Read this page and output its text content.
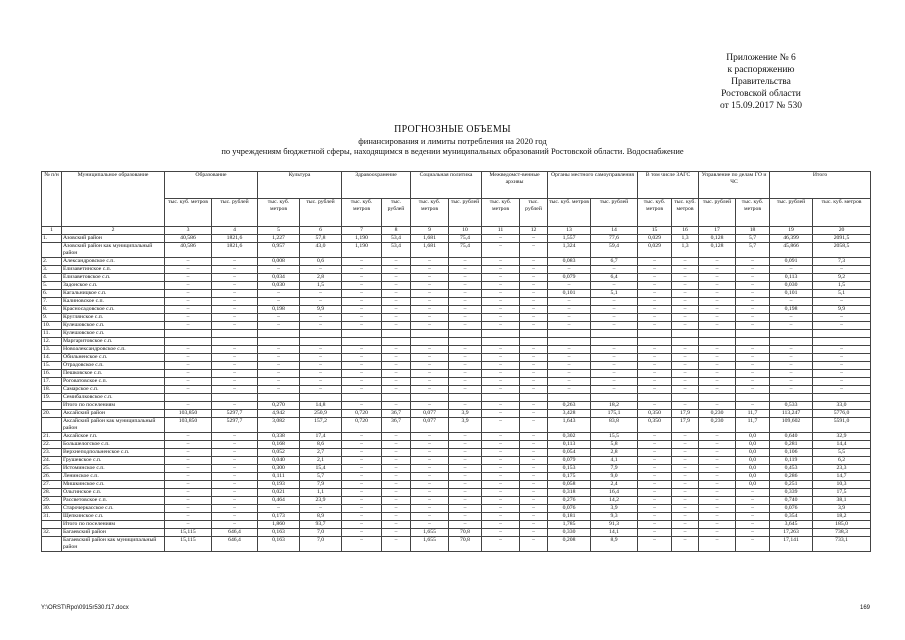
Приложение № 6
к распоряжению
Правительства
Ростовской области
от 15.09.2017 № 530
ПРОГНОЗНЫЕ ОБЪЕМЫ
финансирования и лимиты потребления на 2020 год
по учреждениям бюджетной сферы, находящимся в ведении муниципальных образований Ростовской области. Водоснабжение
№ п/н	Муниципальное образование	Образование		Культура		Здравоохранение		Социальная политика		Межведомст-венные архивы		Органы местного самоуправления		В том числе ЗАГС		Управление по делам ГО и ЧС		Итого		
		тыс. куб. метров	тыс. рублей	тыс. куб. метров	тыс. рублей	тыс. куб. метров	тыс. рублей	тыс. куб. метров	тыс. рублей	тыс. куб. метров	тыс. рублей	тыс. куб. метров	тыс. рублей	тыс. куб. метров	тыс. куб. метров	тыс. рублей	тыс. куб. метров	тыс. рублей	тыс. куб. метров	
1	2	3	4	5	6	7	8	9	10	11	12	13	14	15	16	17	18	19	20	
1.	Азовский район	40,586	1821,6	1,227	57,8	1,190	53,4	1,681	75,4	–	–	1,557	77,6	0,029	1,3	0,128	5,7	46,399	2091,5	
	Азовский район как муниципальный район	40,586	1821,6	0,957	43,0	1,190	53,4	1,681	75,4	–	–	1,324	59,4	0,029	1,3	0,128	5,7	45,866	2058,5	
2.	Александровское с.п.	–	–	0,008	0,6	–	–	–	–	–	–	0,083	6,7	–	–	–	–	0,091	7,3	
3.	Елизаветинское с.п.	–	–	–	–	–	–	–	–	–	–	–	–	–	–	–	–	–	–	
4.	Елизаветовское с.п.	–	–	0,034	2,8	–	–	–	–	–	–	0,079	6,4	–	–	–	–	0,113	9,2	
5.	Задонское с.п.	–	–	0,030	1,5	–	–	–	–	–	–	–	–	–	–	–	–	0,030	1,5	
6.	Кагальницкое с.п.	–	–	–	–	–	–	–	–	–	–	0,101	5,1	–	–	–	–	0,101	5,1	
7.	Калиновское с.п.	–	–	–	–	–	–	–	–	–	–	–	–	–	–	–	–	–	–	
8.	Красносадовское с.п.	–	–	0,198	9,9	–	–	–	–	–	–	–	–	–	–	–	–	0,198	9,9	
9.	Круглянское с.п.	–	–	–	–	–	–	–	–	–	–	–	–	–	–	–	–	–	–	
10.	Кулешовское с.п.	–	–	–	–	–	–	–	–	–	–	–	–	–	–	–	–	–	–	
11.	Кулешовское с.п.																			
12.	Маргаритовское с.п.																			
13.	Новоалександровское с.п.	–	–	–	–	–	–	–	–	–	–	–	–	–	–	–	–	–	–	
14.	Обильненское с.п.	–	–	–	–	–	–	–	–	–	–	–	–	–	–	–	–	–	–	
15.	Отрадовское с.п.	–	–	–	–	–	–	–	–	–	–	–	–	–	–	–	–	–	–	
16.	Пешковское с.п.	–	–	–	–	–	–	–	–	–	–	–	–	–	–	–	–	–	–	
17.	Роговатовское с.п.	–	–	–	–	–	–	–	–	–	–	–	–	–	–	–	–	–	–	
18.	Самарское с.п.	–	–	–	–	–	–	–	–	–	–	–	–	–	–	–	–	–	–	
19.	Семибалковское с.п.																			
	Итого по поселениям	–	–	0,270	14,8	–	–	–	–	–	–	0,263	18,2	–	–	–	–	0,533	33,0	
20.	Аксайский район	103,850	5297,7	4,942	250,9	0,720	36,7	0,077	3,9	–	–	3,428	175,1	0,350	17,9	0,230	11,7	113,247	5776,0	
	Аксайский район как муниципальный район	103,850	5297,7	3,082	157,2	0,720	36,7	0,077	3,9	–	–	1,643	83,8	0,350	17,9	0,230	11,7	109,602	5591,0	
21.	Аксайское г.п.	–	–	0,338	17,4	–	–	–	–	–	–	0,302	15,5	–	–	–	0,0	0,640	32,9	
22.	Большелогское с.п.	–	–	0,168	8,6	–	–	–	–	–	–	0,113	5,8	–	–	–	0,0	0,281	14,4	
23.	Верхнеподпольненское с.п.	–	–	0,052	2,7	–	–	–	–	–	–	0,054	2,8	–	–	–	0,0	0,106	5,5	
24.	Грушевское с.п.	–	–	0,040	2,1	–	–	–	–	–	–	0,079	4,1	–	–	–	0,0	0,119	6,2	
25.	Истоминское с.п.	–	–	0,300	15,4	–	–	–	–	–	–	0,153	7,9	–	–	–	0,0	0,453	23,3	
26.	Ленинское с.п.	–	–	0,111	5,7	–	–	–	–	–	–	0,175	9,0	–	–	–	0,0	0,286	14,7	
27.	Мишкинское с.п.	–	–	0,193	7,9	–	–	–	–	–	–	0,058	2,4	–	–	–	0,0	0,251	10,3	
28.	Ольгинское с.п.	–	–	0,021	1,1	–	–	–	–	–	–	0,318	16,4	–	–	–	–	0,339	17,5	
29.	Рассветовское с.п.	–	–	0,464	23,9	–	–	–	–	–	–	0,276	14,2	–	–	–	–	0,740	38,1	
30.	Старочеркасское с.п.	–	–	–	–	–	–	–	–	–	–	0,076	3,9	–	–	–	–	0,076	3,9	
31.	Щепкинское с.п.	–	–	0,173	8,9	–	–	–	–	–	–	0,181	9,3	–	–	–	–	0,354	18,2	
	Итого по поселениям	–	–	1,860	93,7	–	–	–	–	–	–	1,785	91,3	–	–	–	–	3,645	185,0	
32.	Багаевский район	15,115	646,4	0,163	7,0	–	–	1,655	70,8	–	–	0,330	14,1	–	–	–	–	17,263	738,3	
	Багаевский район как муниципальный район	15,115	646,4	0,163	7,0	–	–	1,655	70,8	–	–	0,208	8,9	–	–	–	–	17,141	733,1	
Y:\ORST\Rpo\0915r530.f17.docx	169
